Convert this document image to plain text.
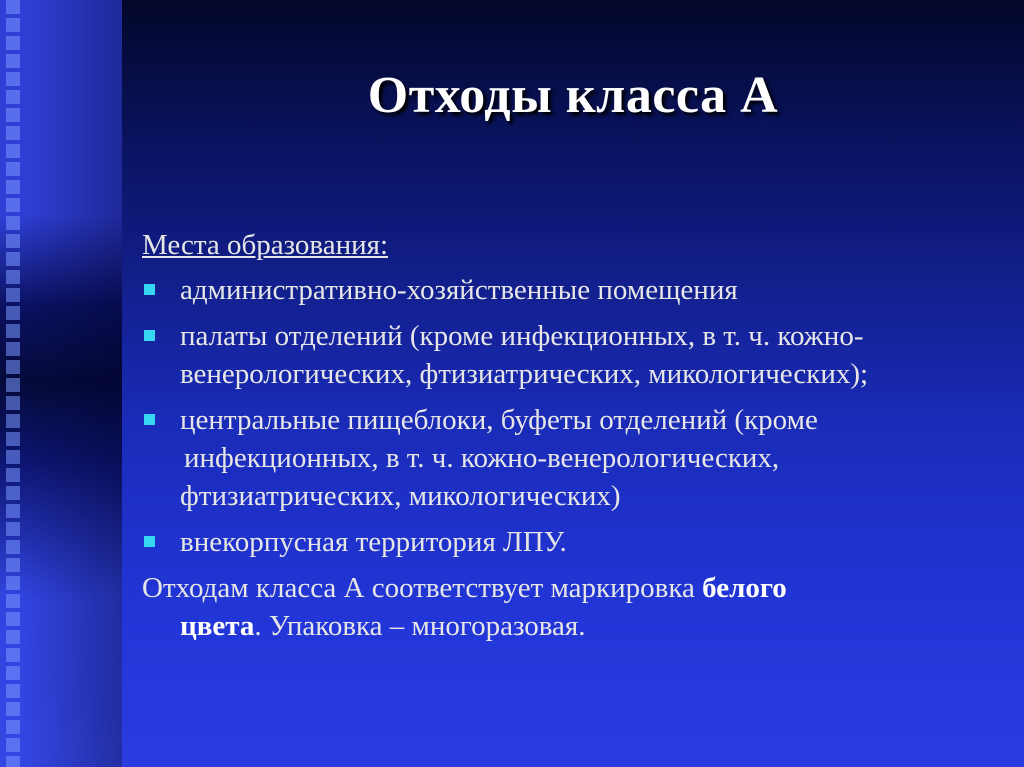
Отходы класса А

Места образования:

административно-хозяйственные помещения
палаты отделений (кроме инфекционных, в т. ч. кожно-венерологических, фтизиатрических, микологических);
центральные пищеблоки, буфеты отделений (кроме
инфекционных, в т. ч. кожно-венерологических, фтизиатрических, микологических)
внекорпусная территория ЛПУ.
Отходам класса А соответствует маркировка белого
цвета. Упаковка – многоразовая.
